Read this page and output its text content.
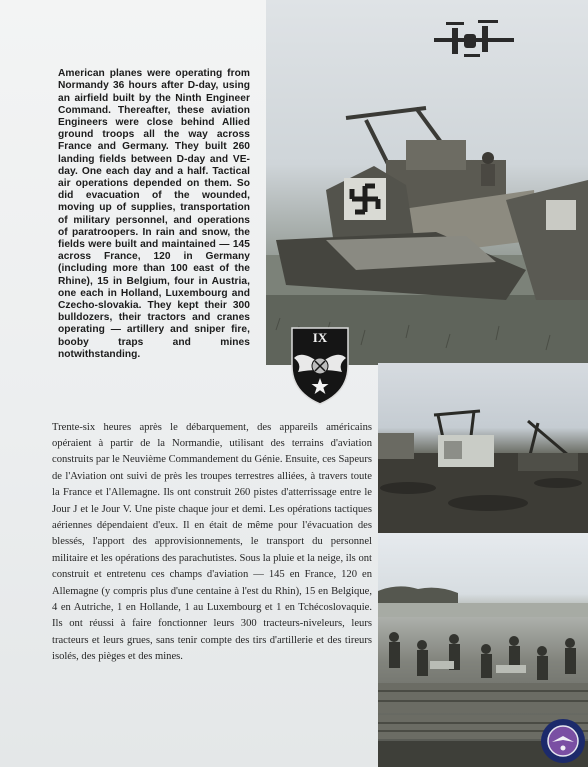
IX

American planes were operating from Normandy 36 hours after D-day, using an airfield built by the Ninth Engineer Command. Thereafter, these aviation Engineers were close behind Allied ground troops all the way across France and Germany. They built 260 landing fields between D-day and VE-day. One each day and a half. Tactical air operations depended on them. So did evacuation of the wounded, moving up of supplies, transportation of military personnel, and operations of paratroopers. In rain and snow, the fields were built and maintained — 145 across France, 120 in Germany (including more than 100 east of the Rhine), 15 in Belgium, four in Austria, one each in Holland, Luxembourg and Czecho-slovakia. They kept their 300 bulldozers, their tractors and cranes operating — artillery and sniper fire, booby traps and mines notwithstanding.

Trente-six heures après le débarquement, des appareils américains opéraient à partir de la Normandie, utilisant des terrains d'aviation construits par le Neuvième Commandement du Génie. Ensuite, ces Sapeurs de l'Aviation ont suivi de près les troupes terrestres alliées, à travers toute la France et l'Allemagne. Ils ont construit 260 pistes d'atterrissage entre le Jour J et le Jour V. Une piste chaque jour et demi. Les opérations tactiques aériennes dépendaient d'eux. Il en était de même pour l'évacuation des blessés, l'apport des approvisionnements, le transport du personnel militaire et les opérations des parachutistes. Sous la pluie et la neige, ils ont construit et entretenu ces champs d'aviation — 145 en France, 120 en Allemagne (y compris plus d'une centaine à l'est du Rhin), 15 en Belgique, 4 en Autriche, 1 en Hollande, 1 au Luxembourg et 1 en Tchécoslovaquie. Ils ont réussi à faire fonctionner leurs 300 tracteurs-niveleurs, leurs tracteurs et leurs grues, sans tenir compte des tirs d'artillerie et des tireurs isolés, des pièges et des mines.
